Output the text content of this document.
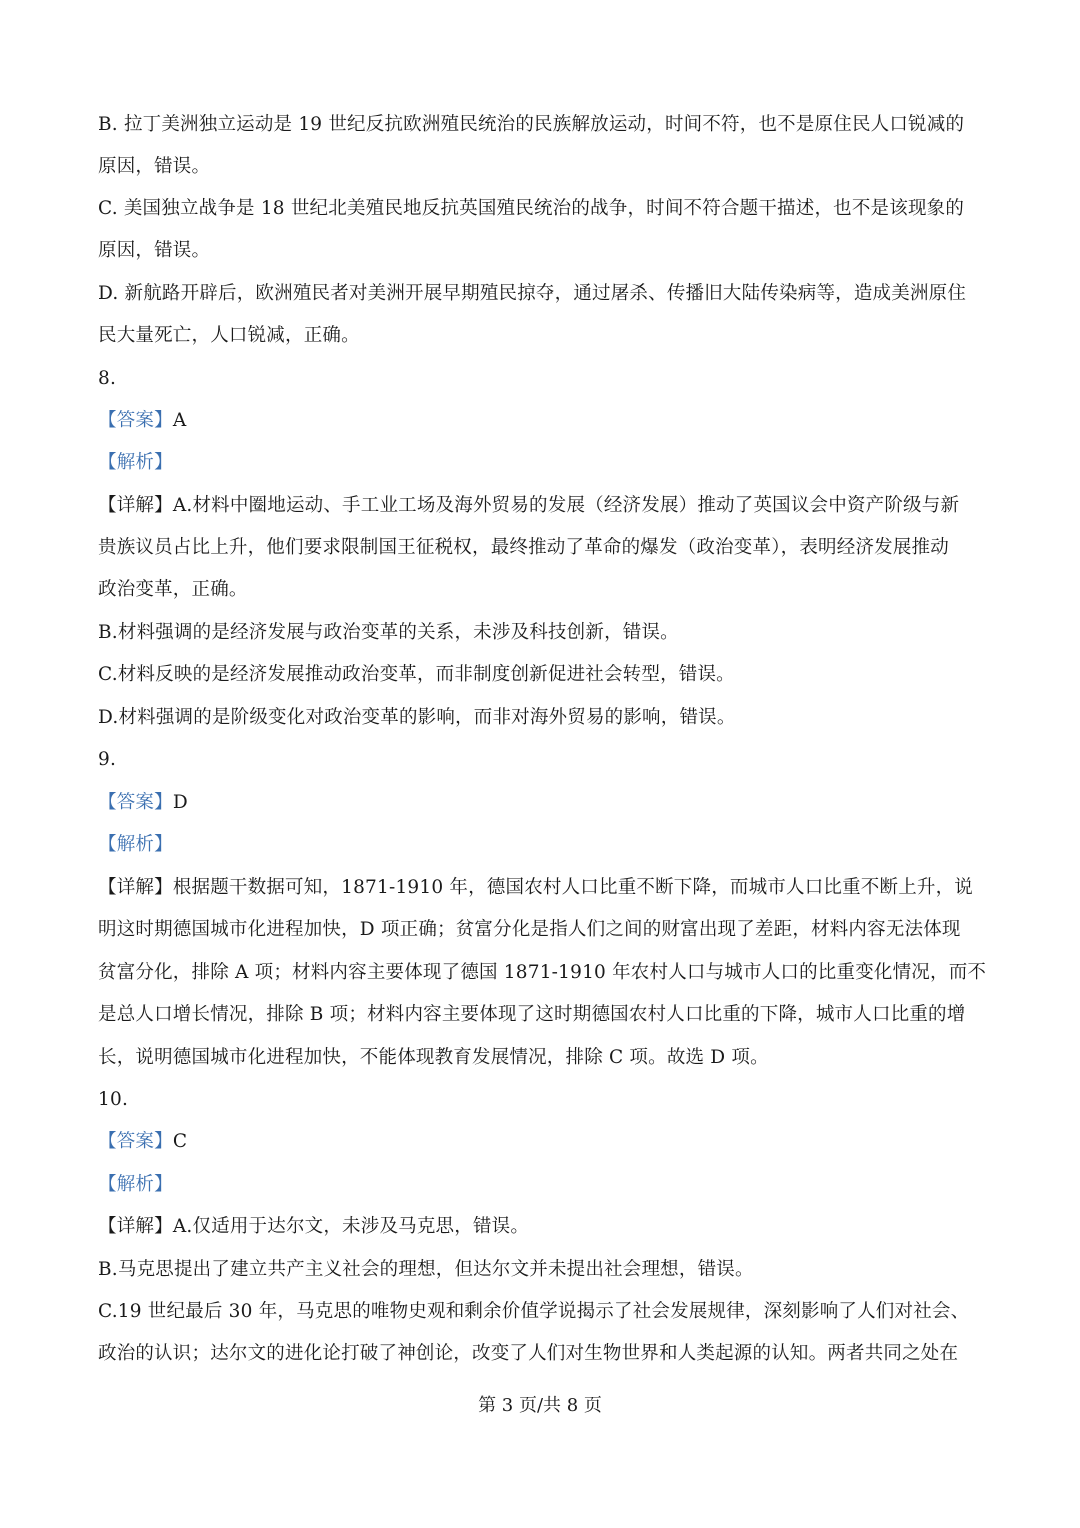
B. 拉丁美洲独立运动是 19 世纪反抗欧洲殖民统治的民族解放运动，时间不符，也不是原住民人口锐减的
原因，错误。
C. 美国独立战争是 18 世纪北美殖民地反抗英国殖民统治的战争，时间不符合题干描述，也不是该现象的
原因，错误。
D. 新航路开辟后，欧洲殖民者对美洲开展早期殖民掠夺，通过屠杀、传播旧大陆传染病等，造成美洲原住
民大量死亡，人口锐减，正确。
8.
【答案】A
【解析】
【详解】A.材料中圈地运动、手工业工场及海外贸易的发展（经济发展）推动了英国议会中资产阶级与新
贵族议员占比上升，他们要求限制国王征税权，最终推动了革命的爆发（政治变革），表明经济发展推动
政治变革，正确。
B.材料强调的是经济发展与政治变革的关系，未涉及科技创新，错误。
C.材料反映的是经济发展推动政治变革，而非制度创新促进社会转型，错误。
D.材料强调的是阶级变化对政治变革的影响，而非对海外贸易的影响，错误。
9.
【答案】D
【解析】
【详解】根据题干数据可知，1871-1910 年，德国农村人口比重不断下降，而城市人口比重不断上升，说
明这时期德国城市化进程加快，D 项正确；贫富分化是指人们之间的财富出现了差距，材料内容无法体现
贫富分化，排除 A 项；材料内容主要体现了德国 1871-1910 年农村人口与城市人口的比重变化情况，而不
是总人口增长情况，排除 B 项；材料内容主要体现了这时期德国农村人口比重的下降，城市人口比重的增
长，说明德国城市化进程加快，不能体现教育发展情况，排除 C 项。故选 D 项。
10.
【答案】C
【解析】
【详解】A.仅适用于达尔文，未涉及马克思，错误。
B.马克思提出了建立共产主义社会的理想，但达尔文并未提出社会理想，错误。
C.19 世纪最后 30 年，马克思的唯物史观和剩余价值学说揭示了社会发展规律，深刻影响了人们对社会、
政治的认识；达尔文的进化论打破了神创论，改变了人们对生物世界和人类起源的认知。两者共同之处在
第 3 页/共 8 页
